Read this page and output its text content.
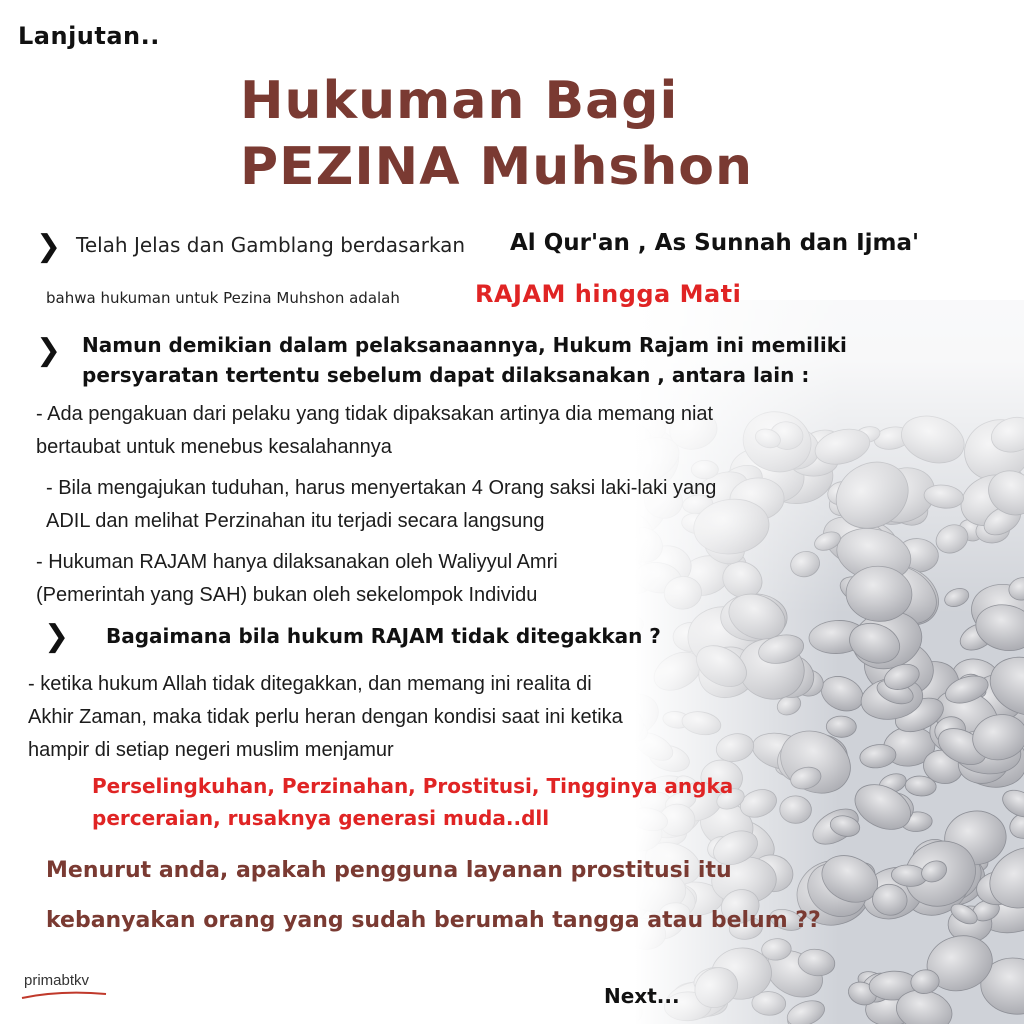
Lanjutan..
Hukuman Bagi
PEZINA Muhshon
❯ Telah Jelas dan Gamblang berdasarkan Al Qur'an , As Sunnah dan Ijma'
bahwa hukuman untuk Pezina Muhshon adalah	RAJAM hingga Mati
❯ Namun demikian dalam pelaksanaannya, Hukum Rajam ini memiliki
persyaratan tertentu sebelum dapat dilaksanakan , antara lain :
- Ada pengakuan dari pelaku yang tidak dipaksakan artinya dia memang niat
bertaubat untuk menebus kesalahannya
- Bila mengajukan tuduhan, harus menyertakan 4 Orang saksi laki-laki yang
ADIL dan melihat Perzinahan itu terjadi secara langsung
- Hukuman RAJAM hanya dilaksanakan oleh Waliyyul Amri
(Pemerintah yang SAH) bukan oleh sekelompok Individu
❯ Bagaimana bila hukum RAJAM tidak ditegakkan ?
- ketika hukum Allah tidak ditegakkan, dan memang ini realita di
Akhir Zaman, maka tidak perlu heran dengan kondisi saat ini ketika
hampir di setiap negeri muslim menjamur
Perselingkuhan, Perzinahan, Prostitusi, Tingginya angka
perceraian, rusaknya generasi muda..dll
Menurut anda, apakah pengguna layanan prostitusi itu
kebanyakan orang yang sudah berumah tangga atau belum ??
primabtkv
Next...
